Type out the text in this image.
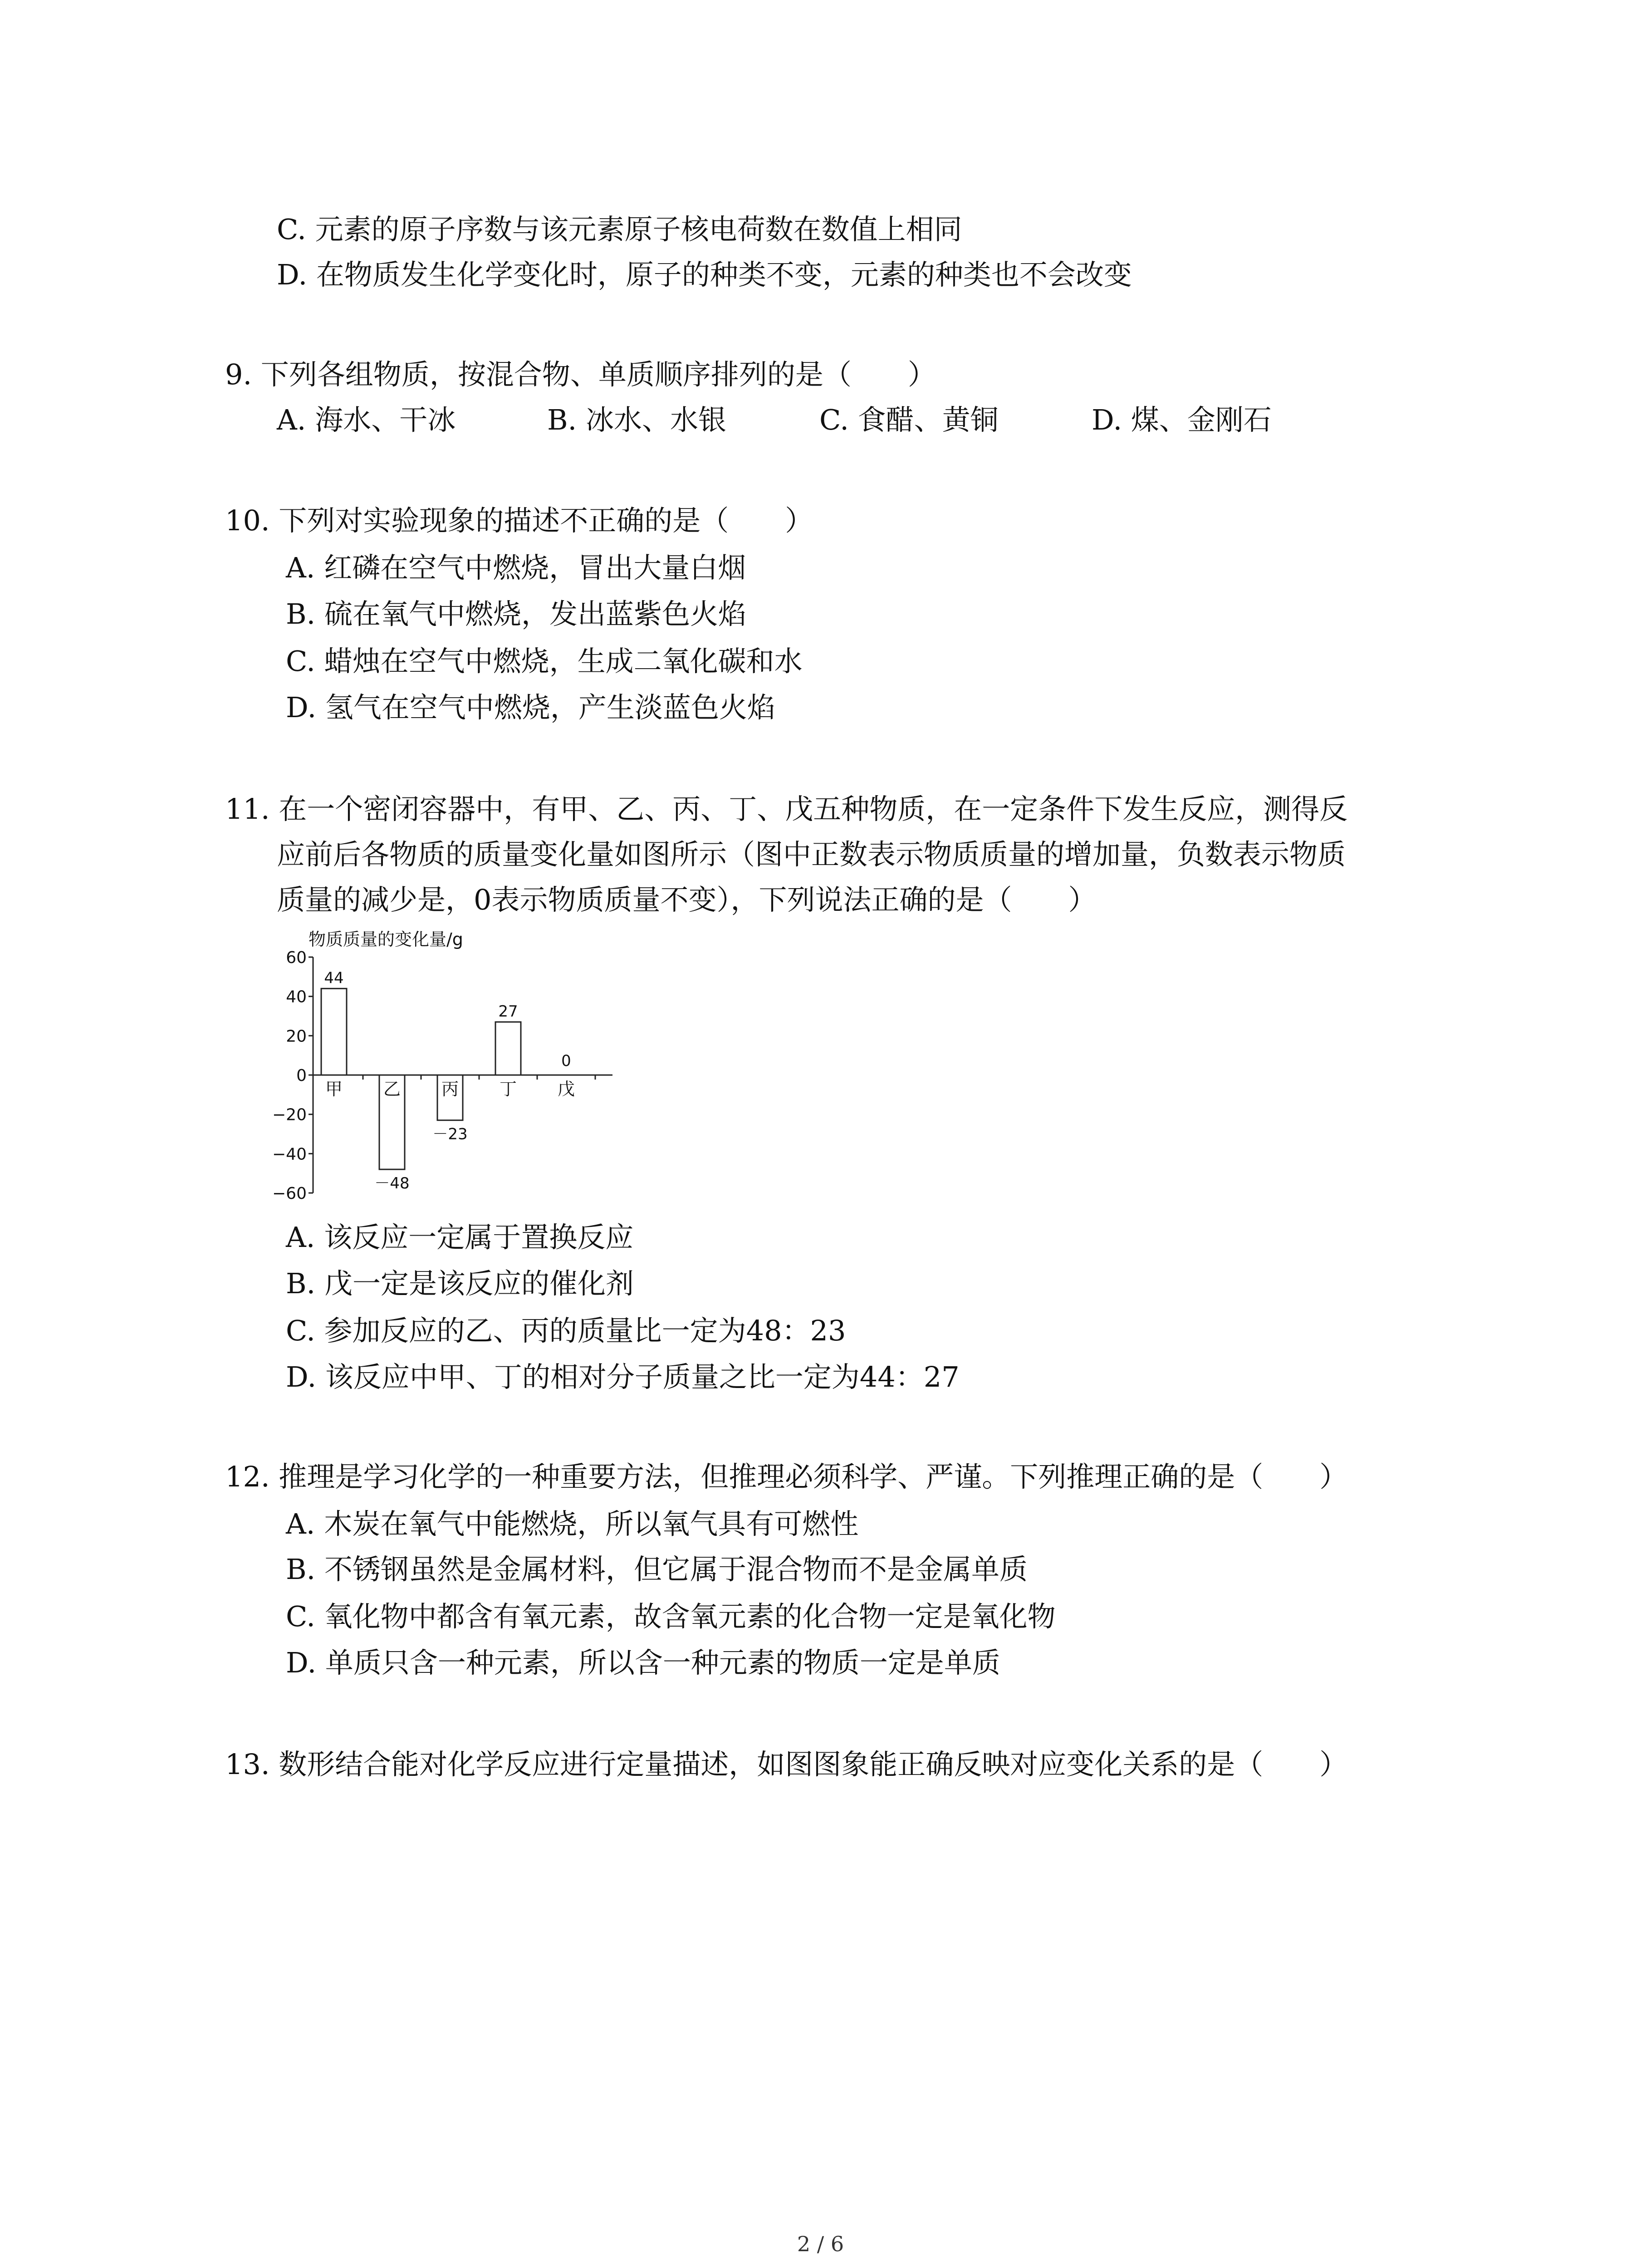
C. 元素的原子序数与该元素原子核电荷数在数值上相同
D. 在物质发生化学变化时，原子的种类不变，元素的种类也不会改变
9. 下列各组物质，按混合物、单质顺序排列的是（　　）
A. 海水、干冰	B. 冰水、水银	C. 食醋、黄铜	D. 煤、金刚石
10. 下列对实验现象的描述不正确的是（　　）
A. 红磷在空气中燃烧，冒出大量白烟
B. 硫在氧气中燃烧，发出蓝紫色火焰
C. 蜡烛在空气中燃烧，生成二氧化碳和水
D. 氢气在空气中燃烧，产生淡蓝色火焰
11. 在一个密闭容器中，有甲、乙、丙、丁、戊五种物质，在一定条件下发生反应，测得反
应前后各物质的质量变化量如图所示（图中正数表示物质质量的增加量，负数表示物质
质量的减少是，0表示物质质量不变），下列说法正确的是（　　）
物质质量的变化量/g
60
40
20
0
−20
−40
−60
甲
44
乙
－48
丙
－23
丁
27
戊
0
A. 该反应一定属于置换反应
B. 戊一定是该反应的催化剂
C. 参加反应的乙、丙的质量比一定为48：23
D. 该反应中甲、丁的相对分子质量之比一定为44：27
12. 推理是学习化学的一种重要方法，但推理必须科学、严谨。下列推理正确的是（　　）
A. 木炭在氧气中能燃烧，所以氧气具有可燃性
B. 不锈钢虽然是金属材料，但它属于混合物而不是金属单质
C. 氧化物中都含有氧元素，故含氧元素的化合物一定是氧化物
D. 单质只含一种元素，所以含一种元素的物质一定是单质
13. 数形结合能对化学反应进行定量描述，如图图象能正确反映对应变化关系的是（　　）
2 / 6
